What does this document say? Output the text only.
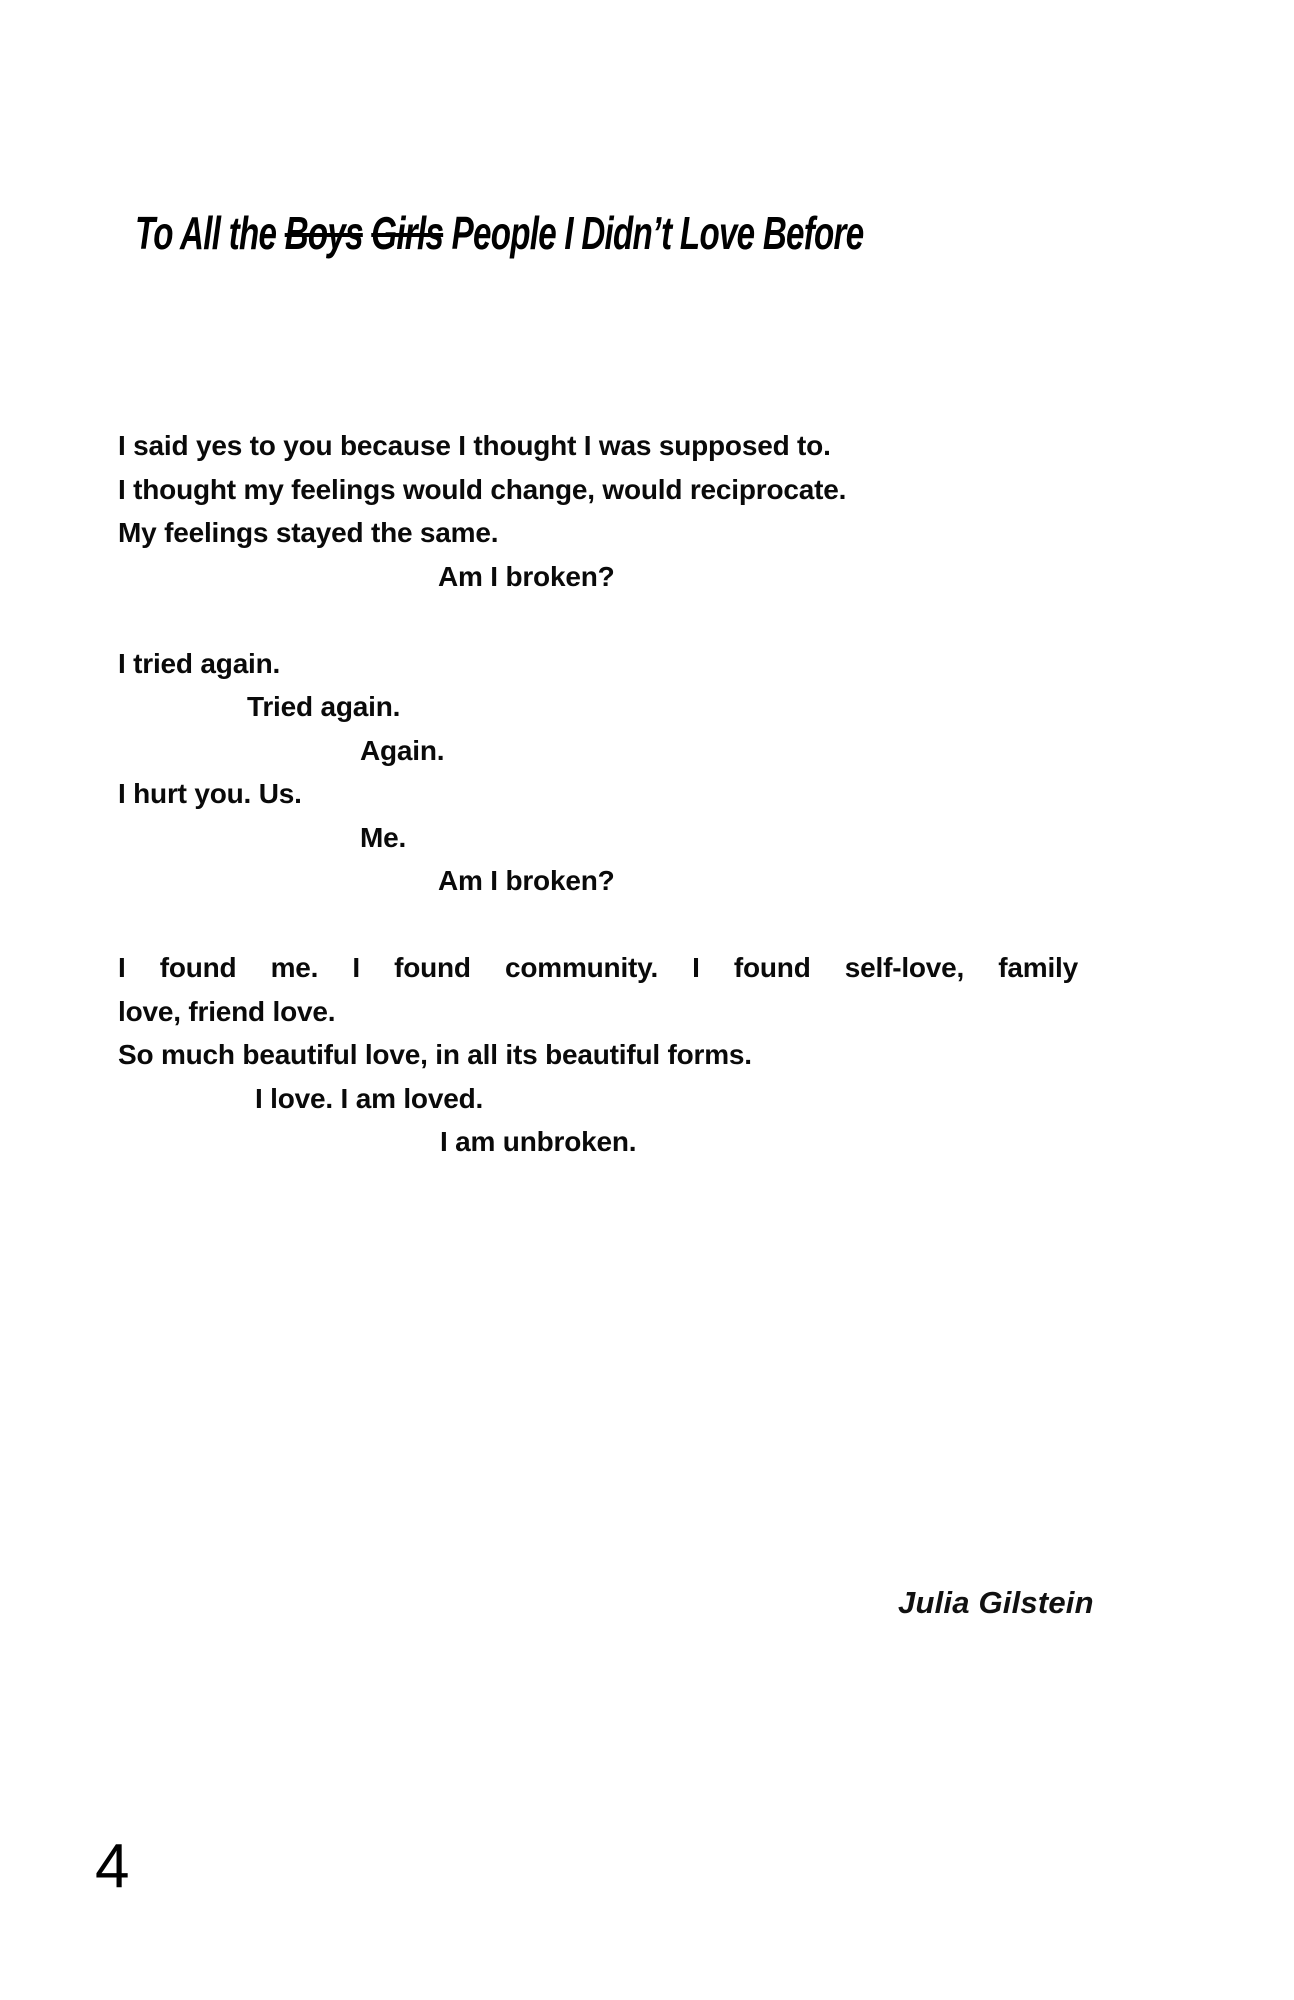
To All the Boys Girls People I Didn’t Love Before
I said yes to you because I thought I was supposed to.
I thought my feelings would change, would reciprocate.
My feelings stayed the same.
Am I broken?
I tried again.
Tried again.
Again.
I hurt you. Us.
Me.
Am I broken?
I found me. I found community. I found self-love, family
love, friend love.
So much beautiful love, in all its beautiful forms.
I love. I am loved.
I am unbroken.
Julia Gilstein
4
